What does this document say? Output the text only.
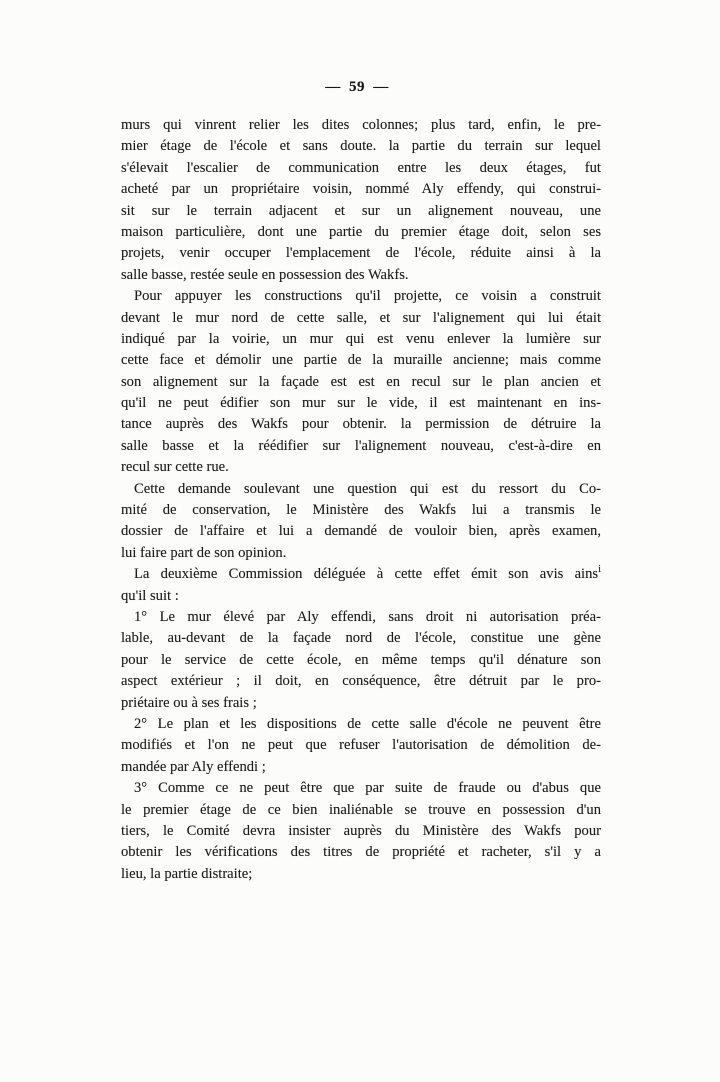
— 59 —
murs qui vinrent relier les dites colonnes; plus tard, enfin, le pre-
mier étage de l'école et sans doute. la partie du terrain sur lequel
s'élevait l'escalier de communication entre les deux étages, fut
acheté par un propriétaire voisin, nommé Aly effendy, qui construi-
sit sur le terrain adjacent et sur un alignement nouveau, une
maison particulière, dont une partie du premier étage doit, selon ses
projets, venir occuper l'emplacement de l'école, réduite ainsi à la
salle basse, restée seule en possession des Wakfs.
Pour appuyer les constructions qu'il projette, ce voisin a construit
devant le mur nord de cette salle, et sur l'alignement qui lui était
indiqué par la voirie, un mur qui est venu enlever la lumière sur
cette face et démolir une partie de la muraille ancienne; mais comme
son alignement sur la façade est est en recul sur le plan ancien et
qu'il ne peut édifier son mur sur le vide, il est maintenant en ins-
tance auprès des Wakfs pour obtenir. la permission de détruire la
salle basse et la réédifier sur l'alignement nouveau, c'est-à-dire en
recul sur cette rue.
Cette demande soulevant une question qui est du ressort du Co-
mité de conservation, le Ministère des Wakfs lui a transmis le
dossier de l'affaire et lui a demandé de vouloir bien, après examen,
lui faire part de son opinion.
La deuxième Commission déléguée à cette effet émit son avis ains$^i$
qu'il suit :
1° Le mur élevé par Aly effendi, sans droit ni autorisation préa-
lable, au-devant de la façade nord de l'école, constitue une gène
pour le service de cette école, en même temps qu'il dénature son
aspect extérieur ; il doit, en conséquence, être détruit par le pro-
priétaire ou à ses frais ;
2° Le plan et les dispositions de cette salle d'école ne peuvent être
modifiés et l'on ne peut que refuser l'autorisation de démolition de-
mandée par Aly effendi ;
3° Comme ce ne peut être que par suite de fraude ou d'abus que
le premier étage de ce bien inaliénable se trouve en possession d'un
tiers, le Comité devra insister auprès du Ministère des Wakfs pour
obtenir les vérifications des titres de propriété et racheter, s'il y a
lieu, la partie distraite;
